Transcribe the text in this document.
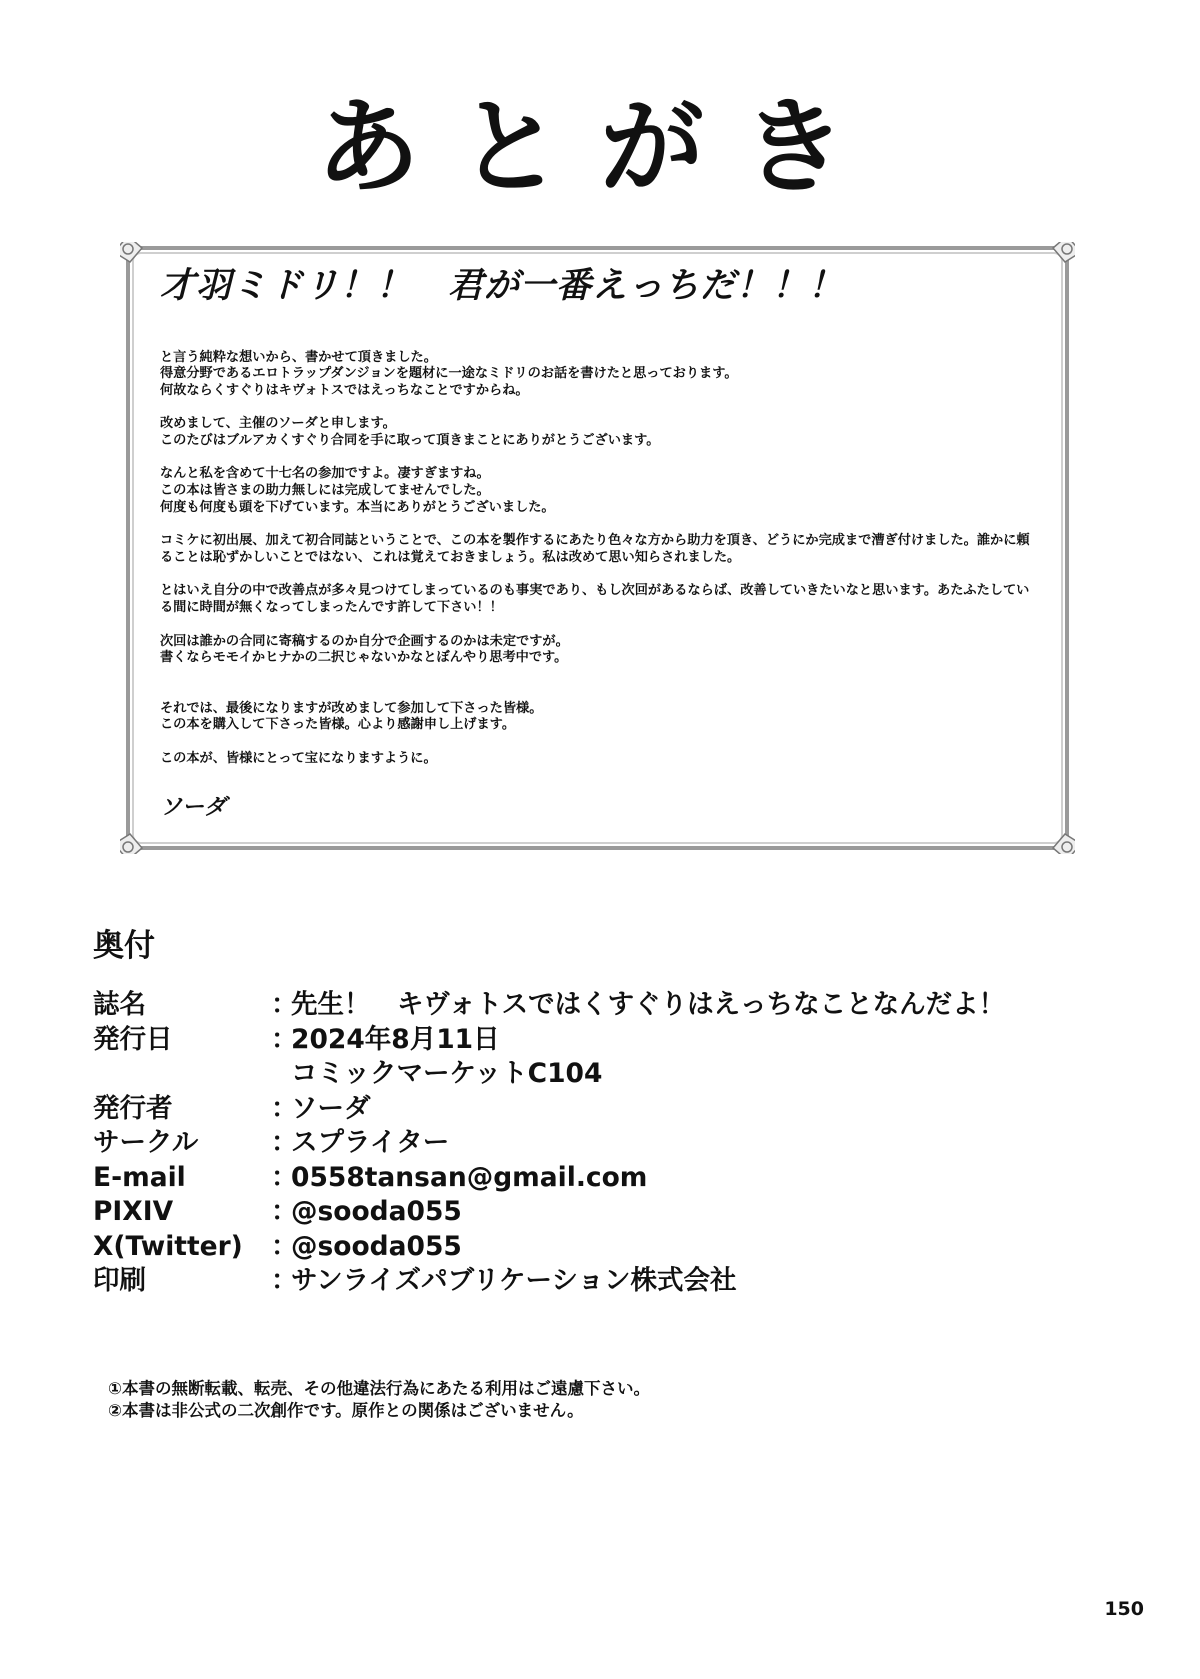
あとがき
才羽ミドリ！！　君が一番えっちだ！！！
と言う純粋な想いから、書かせて頂きました。
得意分野であるエロトラップダンジョンを題材に一途なミドリのお話を書けたと思っております。
何故ならくすぐりはキヴォトスではえっちなことですからね。
改めまして、主催のソーダと申します。
このたびはブルアカくすぐり合同を手に取って頂きまことにありがとうございます。
なんと私を含めて十七名の参加ですよ。凄すぎますね。
この本は皆さまの助力無しには完成してませんでした。
何度も何度も頭を下げています。本当にありがとうございました。
コミケに初出展、加えて初合同誌ということで、この本を製作するにあたり色々な方から助力を頂き、どうにか完成まで漕ぎ付けました。誰かに頼ることは恥ずかしいことではない、これは覚えておきましょう。私は改めて思い知らされました。
とはいえ自分の中で改善点が多々見つけてしまっているのも事実であり、もし次回があるならば、改善していきたいなと思います。あたふたしている間に時間が無くなってしまったんです許して下さい！！
次回は誰かの合同に寄稿するのか自分で企画するのかは未定ですが。
書くならモモイかヒナかの二択じゃないかなとぼんやり思考中です。
それでは、最後になりますが改めまして参加して下さった皆様。
この本を購入して下さった皆様。心より感謝申し上げます。
この本が、皆様にとって宝になりますように。
ソーダ
奥付
誌名	：先生！　キヴォトスではくすぐりはえっちなことなんだよ！
発行日	：2024年8月11日
コミックマーケットC104
発行者	：ソーダ
サークル	：スプライター
E-mail	：0558tansan@gmail.com
PIXIV	：@sooda055
X(Twitter)	：@sooda055
印刷	：サンライズパブリケーション株式会社
①本書の無断転載、転売、その他違法行為にあたる利用はご遠慮下さい。
②本書は非公式の二次創作です。原作との関係はございません。
150
